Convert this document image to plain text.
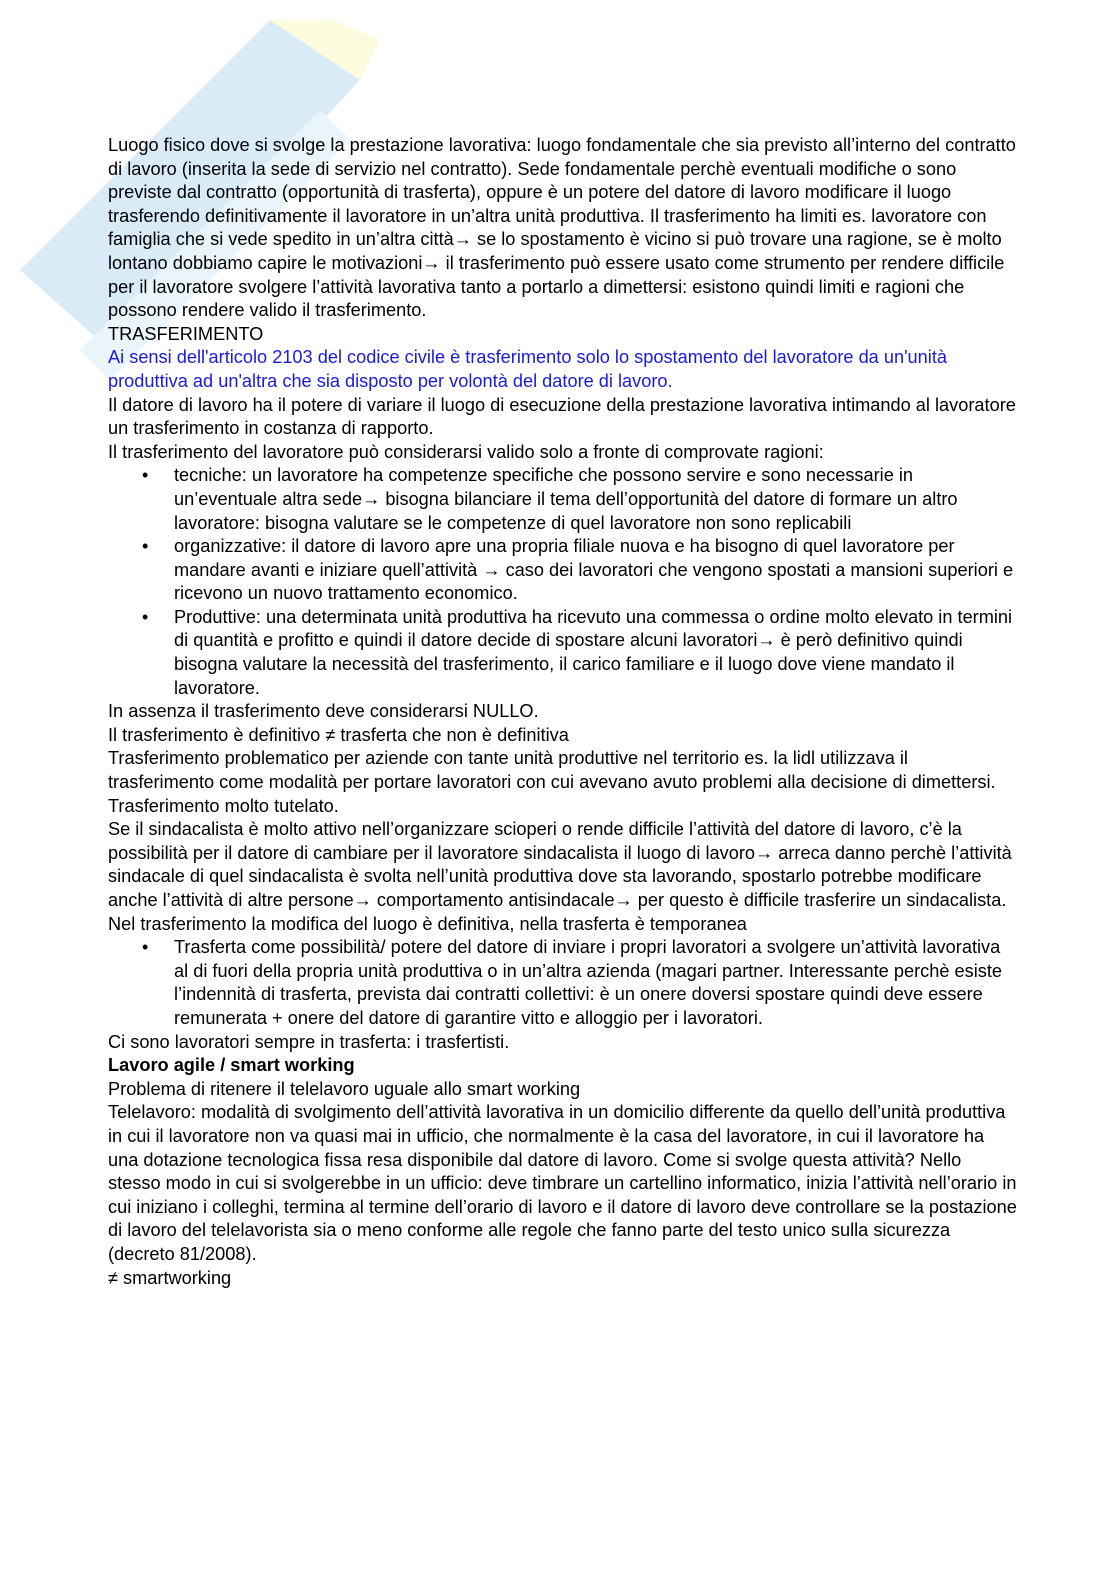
Luogo fisico dove si svolge la prestazione lavorativa: luogo fondamentale che sia previsto all’interno del contratto di lavoro (inserita la sede di servizio nel contratto). Sede fondamentale perchè eventuali modifiche o sono previste dal contratto (opportunità di trasferta), oppure è un potere del datore di lavoro modificare il luogo trasferendo definitivamente il lavoratore in un’altra unità produttiva. Il trasferimento ha limiti es. lavoratore con famiglia che si vede spedito in un’altra città→ se lo spostamento è vicino si può trovare una ragione, se è molto lontano dobbiamo capire le motivazioni→ il trasferimento può essere usato come strumento per rendere difficile per il lavoratore svolgere l’attività lavorativa tanto a portarlo a dimettersi: esistono quindi limiti e ragioni che possono rendere valido il trasferimento.

TRASFERIMENTO

Ai sensi dell'articolo 2103 del codice civile è trasferimento solo lo spostamento del lavoratore da un'unità produttiva ad un'altra che sia disposto per volontà del datore di lavoro.

Il datore di lavoro ha il potere di variare il luogo di esecuzione della prestazione lavorativa intimando al lavoratore un trasferimento in costanza di rapporto.

Il trasferimento del lavoratore può considerarsi valido solo a fronte di comprovate ragioni:

• tecniche: un lavoratore ha competenze specifiche che possono servire e sono necessarie in un’eventuale altra sede→ bisogna bilanciare il tema dell’opportunità del datore di formare un altro lavoratore: bisogna valutare se le competenze di quel lavoratore non sono replicabili
• organizzative: il datore di lavoro apre una propria filiale nuova e ha bisogno di quel lavoratore per mandare avanti e iniziare quell’attività → caso dei lavoratori che vengono spostati a mansioni superiori e ricevono un nuovo trattamento economico.
• Produttive: una determinata unità produttiva ha ricevuto una commessa o ordine molto elevato in termini di quantità e profitto e quindi il datore decide di spostare alcuni lavoratori→ è però definitivo quindi bisogna valutare la necessità del trasferimento, il carico familiare e il luogo dove viene mandato il lavoratore.

In assenza il trasferimento deve considerarsi NULLO.

Il trasferimento è definitivo ≠ trasferta che non è definitiva

Trasferimento problematico per aziende con tante unità produttive nel territorio es. la lidl utilizzava il trasferimento come modalità per portare lavoratori con cui avevano avuto problemi alla decisione di dimettersi.

Trasferimento molto tutelato.

Se il sindacalista è molto attivo nell’organizzare scioperi o rende difficile l’attività del datore di lavoro, c’è la possibilità per il datore di cambiare per il lavoratore sindacalista il luogo di lavoro→ arreca danno perchè l’attività sindacale di quel sindacalista è svolta nell’unità produttiva dove sta lavorando, spostarlo potrebbe modificare anche l’attività di altre persone→ comportamento antisindacale→ per questo è difficile trasferire un sindacalista.

Nel trasferimento la modifica del luogo è definitiva, nella trasferta è temporanea

• Trasferta come possibilità/ potere del datore di inviare i propri lavoratori a svolgere un’attività lavorativa al di fuori della propria unità produttiva o in un’altra azienda (magari partner. Interessante perchè esiste l’indennità di trasferta, prevista dai contratti collettivi: è un onere doversi spostare quindi deve essere remunerata + onere del datore di garantire vitto e alloggio per i lavoratori.

Ci sono lavoratori sempre in trasferta: i trasfertisti.

Lavoro agile / smart working

Problema di ritenere il telelavoro uguale allo smart working

Telelavoro: modalità di svolgimento dell’attività lavorativa in un domicilio differente da quello dell’unità produttiva in cui il lavoratore non va quasi mai in ufficio, che normalmente è la casa del lavoratore, in cui il lavoratore ha una dotazione tecnologica fissa resa disponibile dal datore di lavoro. Come si svolge questa attività? Nello stesso modo in cui si svolgerebbe in un ufficio: deve timbrare un cartellino informatico, inizia l’attività nell’orario in cui iniziano i colleghi, termina al termine dell’orario di lavoro e il datore di lavoro deve controllare se la postazione di lavoro del telelavorista sia o meno conforme alle regole che fanno parte del testo unico sulla sicurezza (decreto 81/2008).

≠ smartworking
